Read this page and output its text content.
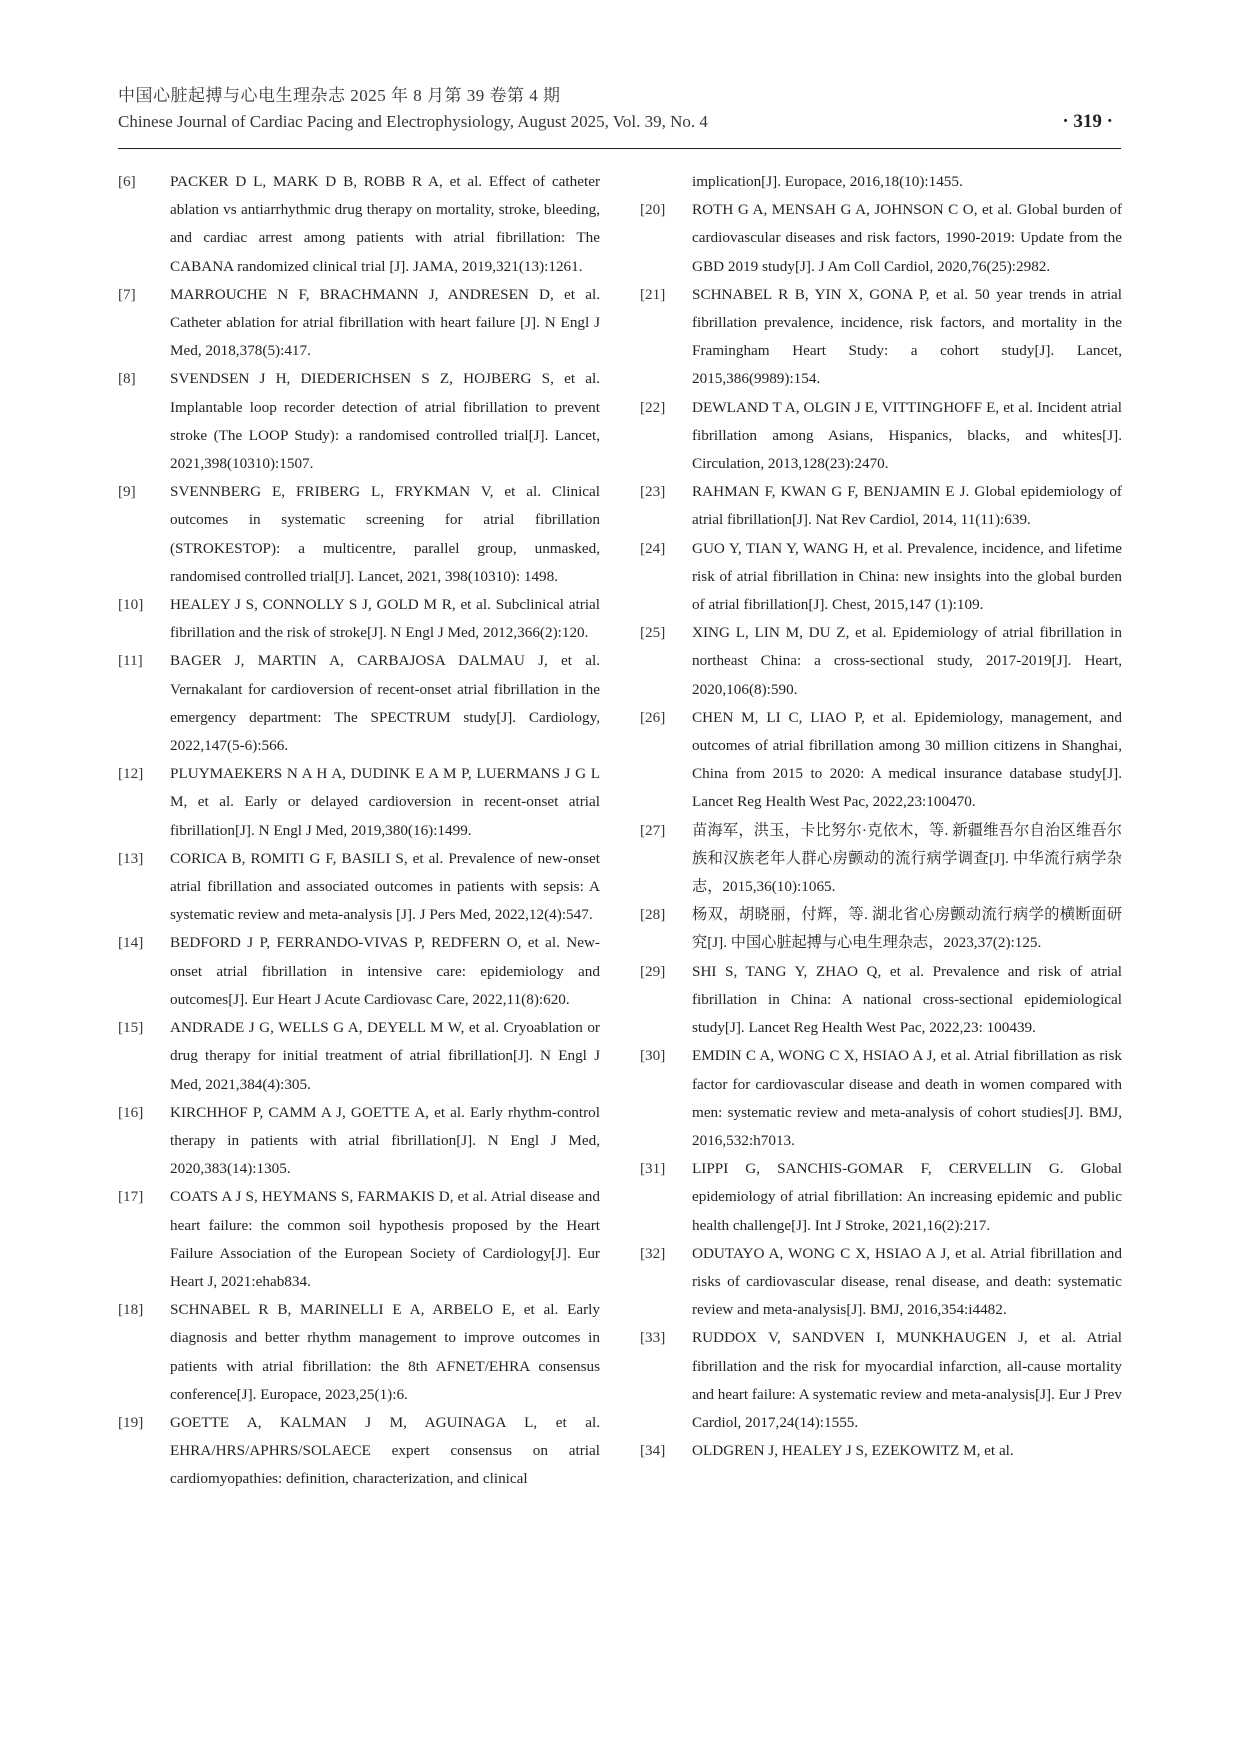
中国心脏起搏与心电生理杂志 2025 年 8 月第 39 卷第 4 期
Chinese Journal of Cardiac Pacing and Electrophysiology, August 2025, Vol. 39, No. 4	· 319 ·
[6]	PACKER D L, MARK D B, ROBB R A, et al. Effect of catheter ablation vs antiarrhythmic drug therapy on mortality, stroke, bleeding, and cardiac arrest among patients with atrial fibrillation: The CABANA randomized clinical trial [J]. JAMA, 2019,321(13):1261.
[7]	MARROUCHE N F, BRACHMANN J, ANDRESEN D, et al. Catheter ablation for atrial fibrillation with heart failure [J]. N Engl J Med, 2018,378(5):417.
[8]	SVENDSEN J H, DIEDERICHSEN S Z, HOJBERG S, et al. Implantable loop recorder detection of atrial fibrillation to prevent stroke (The LOOP Study): a randomised controlled trial[J]. Lancet, 2021,398(10310):1507.
[9]	SVENNBERG E, FRIBERG L, FRYKMAN V, et al. Clinical outcomes in systematic screening for atrial fibrillation (STROKESTOP): a multicentre, parallel group, unmasked, randomised controlled trial[J]. Lancet, 2021, 398(10310): 1498.
[10]	HEALEY J S, CONNOLLY S J, GOLD M R, et al. Subclinical atrial fibrillation and the risk of stroke[J]. N Engl J Med, 2012,366(2):120.
[11]	BAGER J, MARTIN A, CARBAJOSA DALMAU J, et al. Vernakalant for cardioversion of recent-onset atrial fibrillation in the emergency department: The SPECTRUM study[J]. Cardiology, 2022,147(5-6):566.
[12]	PLUYMAEKERS N A H A, DUDINK E A M P, LUERMANS J G L M, et al. Early or delayed cardioversion in recent-onset atrial fibrillation[J]. N Engl J Med, 2019,380(16):1499.
[13]	CORICA B, ROMITI G F, BASILI S, et al. Prevalence of new-onset atrial fibrillation and associated outcomes in patients with sepsis: A systematic review and meta-analysis [J]. J Pers Med, 2022,12(4):547.
[14]	BEDFORD J P, FERRANDO-VIVAS P, REDFERN O, et al. New-onset atrial fibrillation in intensive care: epidemiology and outcomes[J]. Eur Heart J Acute Cardiovasc Care, 2022,11(8):620.
[15]	ANDRADE J G, WELLS G A, DEYELL M W, et al. Cryoablation or drug therapy for initial treatment of atrial fibrillation[J]. N Engl J Med, 2021,384(4):305.
[16]	KIRCHHOF P, CAMM A J, GOETTE A, et al. Early rhythm-control therapy in patients with atrial fibrillation[J]. N Engl J Med, 2020,383(14):1305.
[17]	COATS A J S, HEYMANS S, FARMAKIS D, et al. Atrial disease and heart failure: the common soil hypothesis proposed by the Heart Failure Association of the European Society of Cardiology[J]. Eur Heart J, 2021:ehab834.
[18]	SCHNABEL R B, MARINELLI E A, ARBELO E, et al. Early diagnosis and better rhythm management to improve outcomes in patients with atrial fibrillation: the 8th AFNET/EHRA consensus conference[J]. Europace, 2023,25(1):6.
[19]	GOETTE A, KALMAN J M, AGUINAGA L, et al. EHRA/HRS/APHRS/SOLAECE expert consensus on atrial cardiomyopathies: definition, characterization, and clinical
implication[J]. Europace, 2016,18(10):1455.
[20]	ROTH G A, MENSAH G A, JOHNSON C O, et al. Global burden of cardiovascular diseases and risk factors, 1990-2019: Update from the GBD 2019 study[J]. J Am Coll Cardiol, 2020,76(25):2982.
[21]	SCHNABEL R B, YIN X, GONA P, et al. 50 year trends in atrial fibrillation prevalence, incidence, risk factors, and mortality in the Framingham Heart Study: a cohort study[J]. Lancet, 2015,386(9989):154.
[22]	DEWLAND T A, OLGIN J E, VITTINGHOFF E, et al. Incident atrial fibrillation among Asians, Hispanics, blacks, and whites[J]. Circulation, 2013,128(23):2470.
[23]	RAHMAN F, KWAN G F, BENJAMIN E J. Global epidemiology of atrial fibrillation[J]. Nat Rev Cardiol, 2014, 11(11):639.
[24]	GUO Y, TIAN Y, WANG H, et al. Prevalence, incidence, and lifetime risk of atrial fibrillation in China: new insights into the global burden of atrial fibrillation[J]. Chest, 2015,147 (1):109.
[25]	XING L, LIN M, DU Z, et al. Epidemiology of atrial fibrillation in northeast China: a cross-sectional study, 2017-2019[J]. Heart, 2020,106(8):590.
[26]	CHEN M, LI C, LIAO P, et al. Epidemiology, management, and outcomes of atrial fibrillation among 30 million citizens in Shanghai, China from 2015 to 2020: A medical insurance database study[J]. Lancet Reg Health West Pac, 2022,23:100470.
[27]	苗海军，洪玉，卡比努尔·克依木，等. 新疆维吾尔自治区维吾尔族和汉族老年人群心房颤动的流行病学调查[J]. 中华流行病学杂志，2015,36(10):1065.
[28]	杨双，胡晓丽，付辉，等. 湖北省心房颤动流行病学的横断面研究[J]. 中国心脏起搏与心电生理杂志，2023,37(2):125.
[29]	SHI S, TANG Y, ZHAO Q, et al. Prevalence and risk of atrial fibrillation in China: A national cross-sectional epidemiological study[J]. Lancet Reg Health West Pac, 2022,23: 100439.
[30]	EMDIN C A, WONG C X, HSIAO A J, et al. Atrial fibrillation as risk factor for cardiovascular disease and death in women compared with men: systematic review and meta-analysis of cohort studies[J]. BMJ, 2016,532:h7013.
[31]	LIPPI G, SANCHIS-GOMAR F, CERVELLIN G. Global epidemiology of atrial fibrillation: An increasing epidemic and public health challenge[J]. Int J Stroke, 2021,16(2):217.
[32]	ODUTAYO A, WONG C X, HSIAO A J, et al. Atrial fibrillation and risks of cardiovascular disease, renal disease, and death: systematic review and meta-analysis[J]. BMJ, 2016,354:i4482.
[33]	RUDDOX V, SANDVEN I, MUNKHAUGEN J, et al. Atrial fibrillation and the risk for myocardial infarction, all-cause mortality and heart failure: A systematic review and meta-analysis[J]. Eur J Prev Cardiol, 2017,24(14):1555.
[34]	OLDGREN J, HEALEY J S, EZEKOWITZ M, et al.
